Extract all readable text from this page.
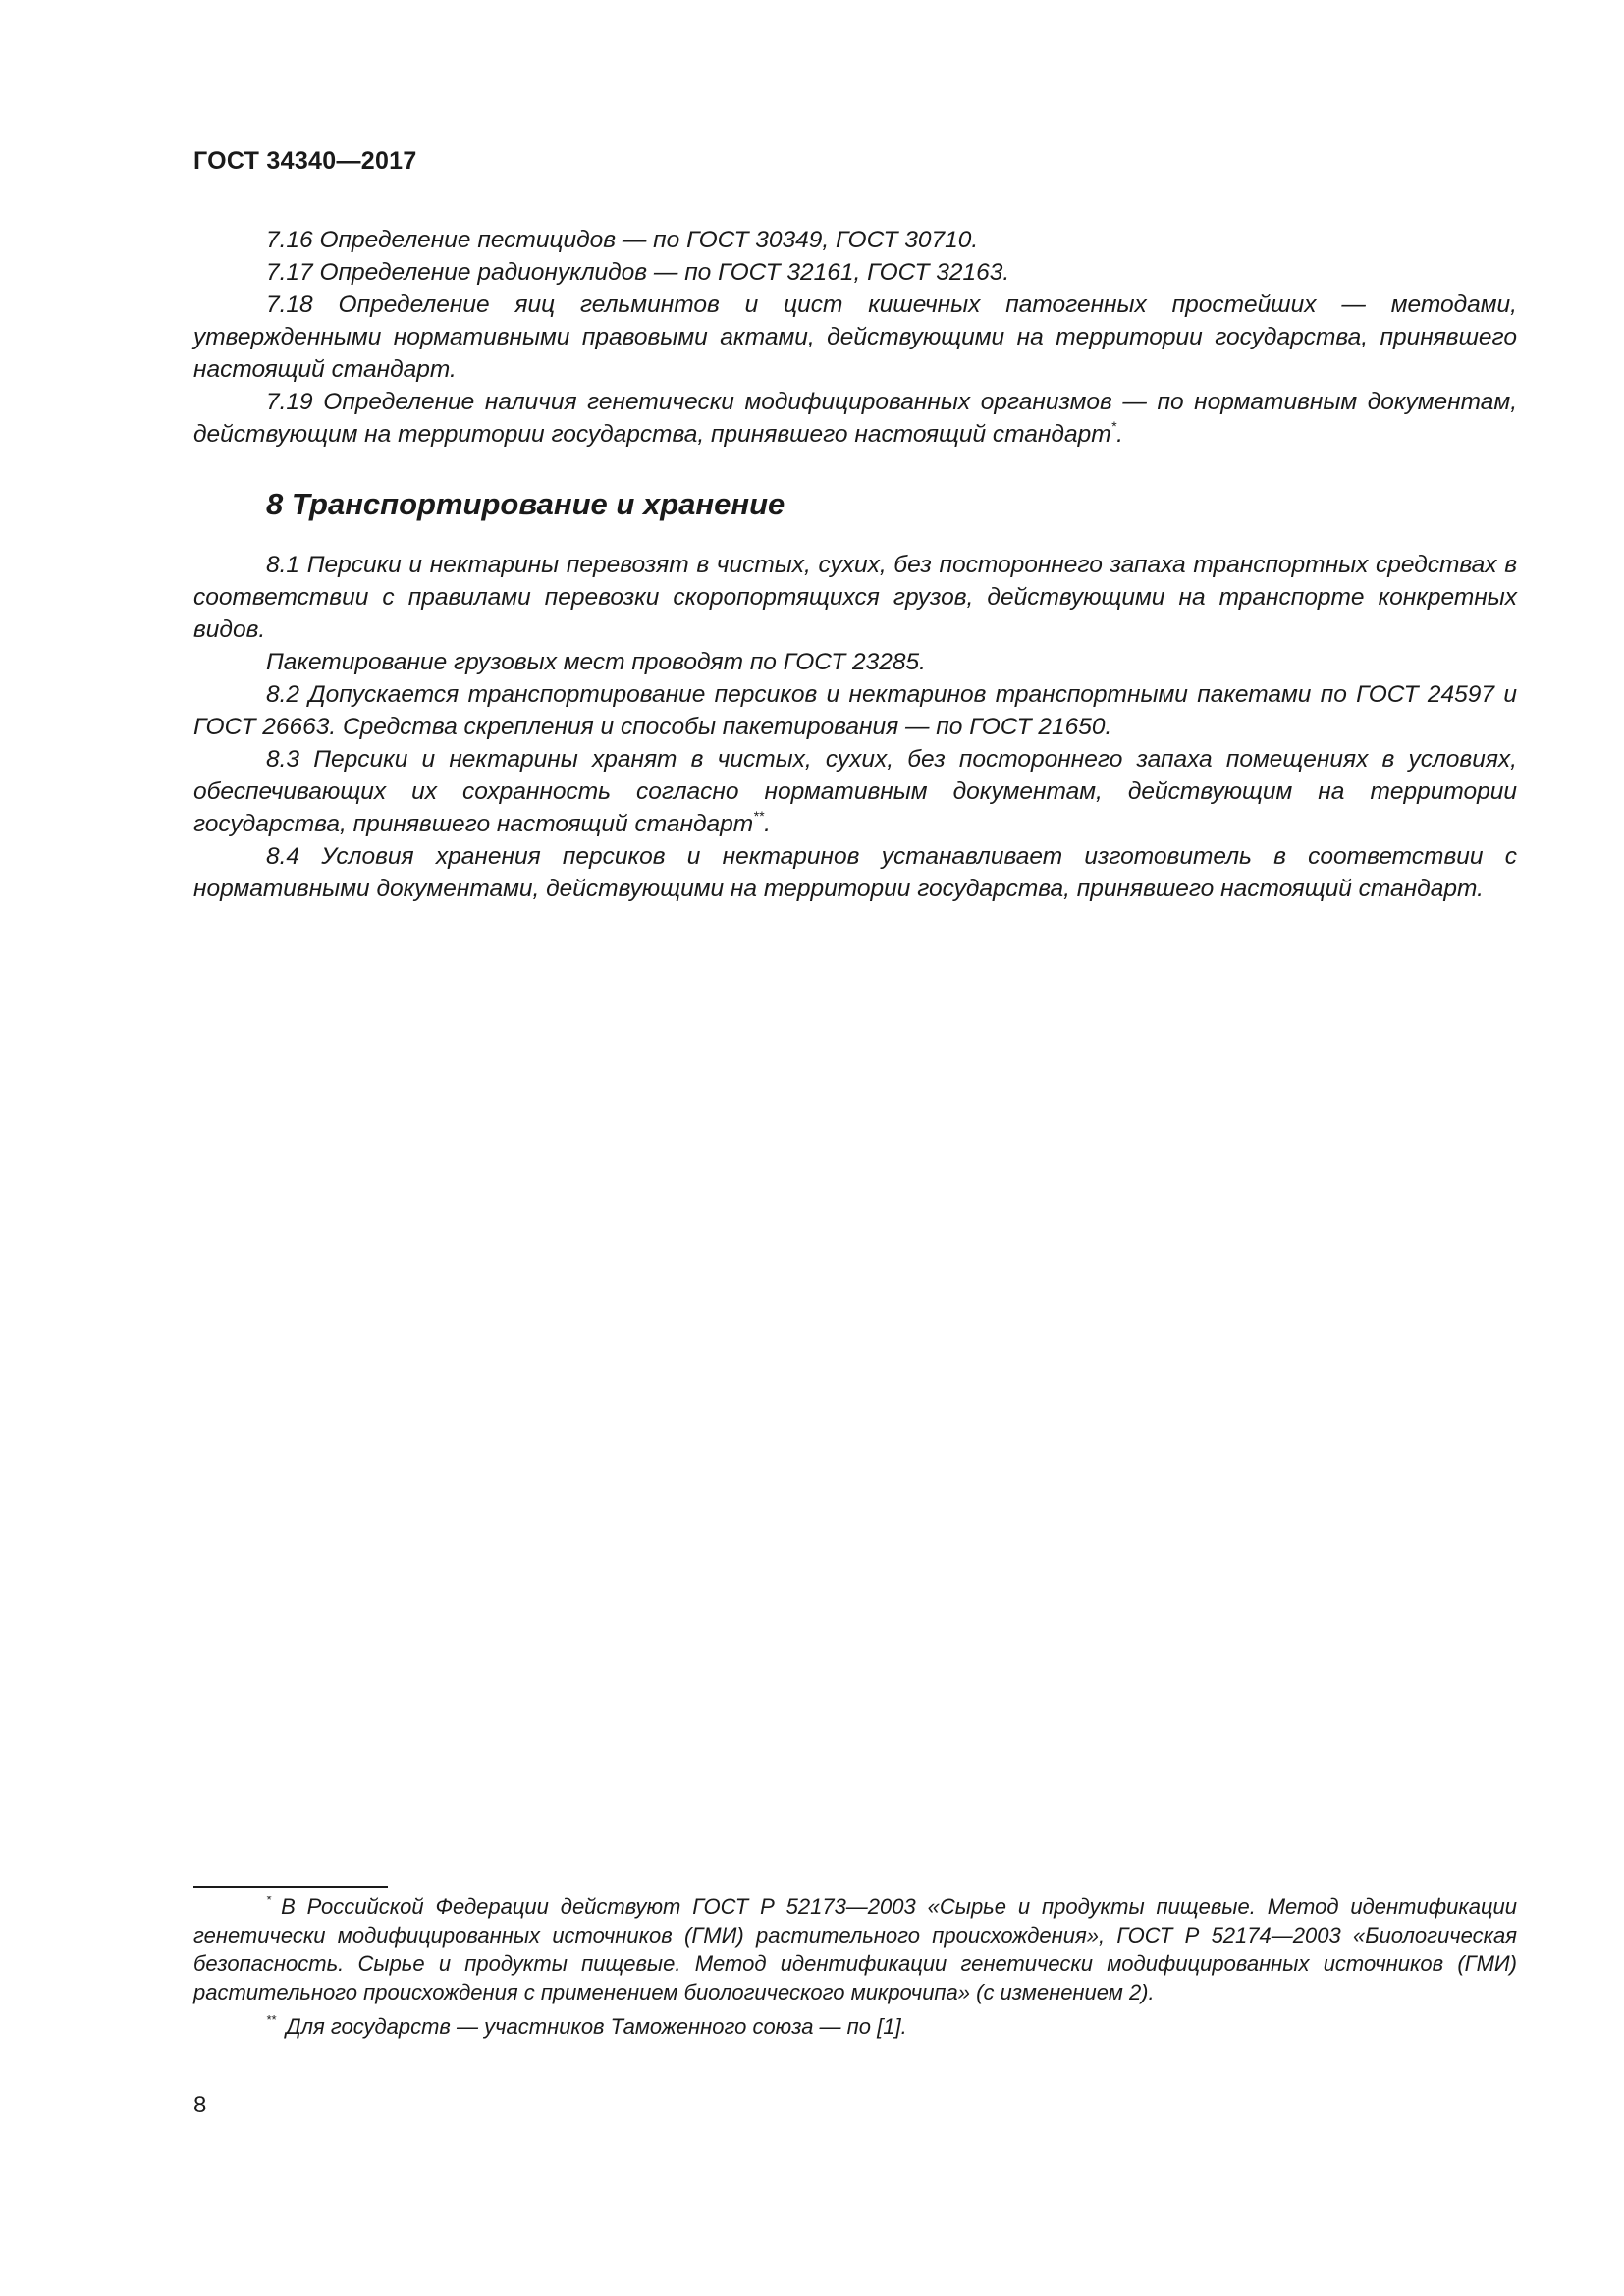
ГОСТ 34340—2017

7.16 Определение пестицидов — по ГОСТ 30349, ГОСТ 30710.

7.17 Определение радионуклидов — по ГОСТ 32161, ГОСТ 32163.

7.18 Определение яиц гельминтов и цист кишечных патогенных простейших — методами, утвержденными нормативными правовыми актами, действующими на территории государства, принявшего настоящий стандарт.

7.19 Определение наличия генетически модифицированных организмов — по нормативным документам, действующим на территории государства, принявшего настоящий стандарт*.

8 Транспортирование и хранение

8.1 Персики и нектарины перевозят в чистых, сухих, без постороннего запаха транспортных средствах в соответствии с правилами перевозки скоропортящихся грузов, действующими на транспорте конкретных видов.

Пакетирование грузовых мест проводят по ГОСТ 23285.

8.2 Допускается транспортирование персиков и нектаринов транспортными пакетами по ГОСТ 24597 и ГОСТ 26663. Средства скрепления и способы пакетирования — по ГОСТ 21650.

8.3 Персики и нектарины хранят в чистых, сухих, без постороннего запаха помещениях в условиях, обеспечивающих их сохранность согласно нормативным документам, действующим на территории государства, принявшего настоящий стандарт**.

8.4 Условия хранения персиков и нектаринов устанавливает изготовитель в соответствии с нормативными документами, действующими на территории государства, принявшего настоящий стандарт.

* В Российской Федерации действуют ГОСТ Р 52173—2003 «Сырье и продукты пищевые. Метод идентификации генетически модифицированных источников (ГМИ) растительного происхождения», ГОСТ Р 52174—2003 «Биологическая безопасность. Сырье и продукты пищевые. Метод идентификации генетически модифицированных источников (ГМИ) растительного происхождения с применением биологического микрочипа» (с изменением 2).

** Для государств — участников Таможенного союза — по [1].

8
